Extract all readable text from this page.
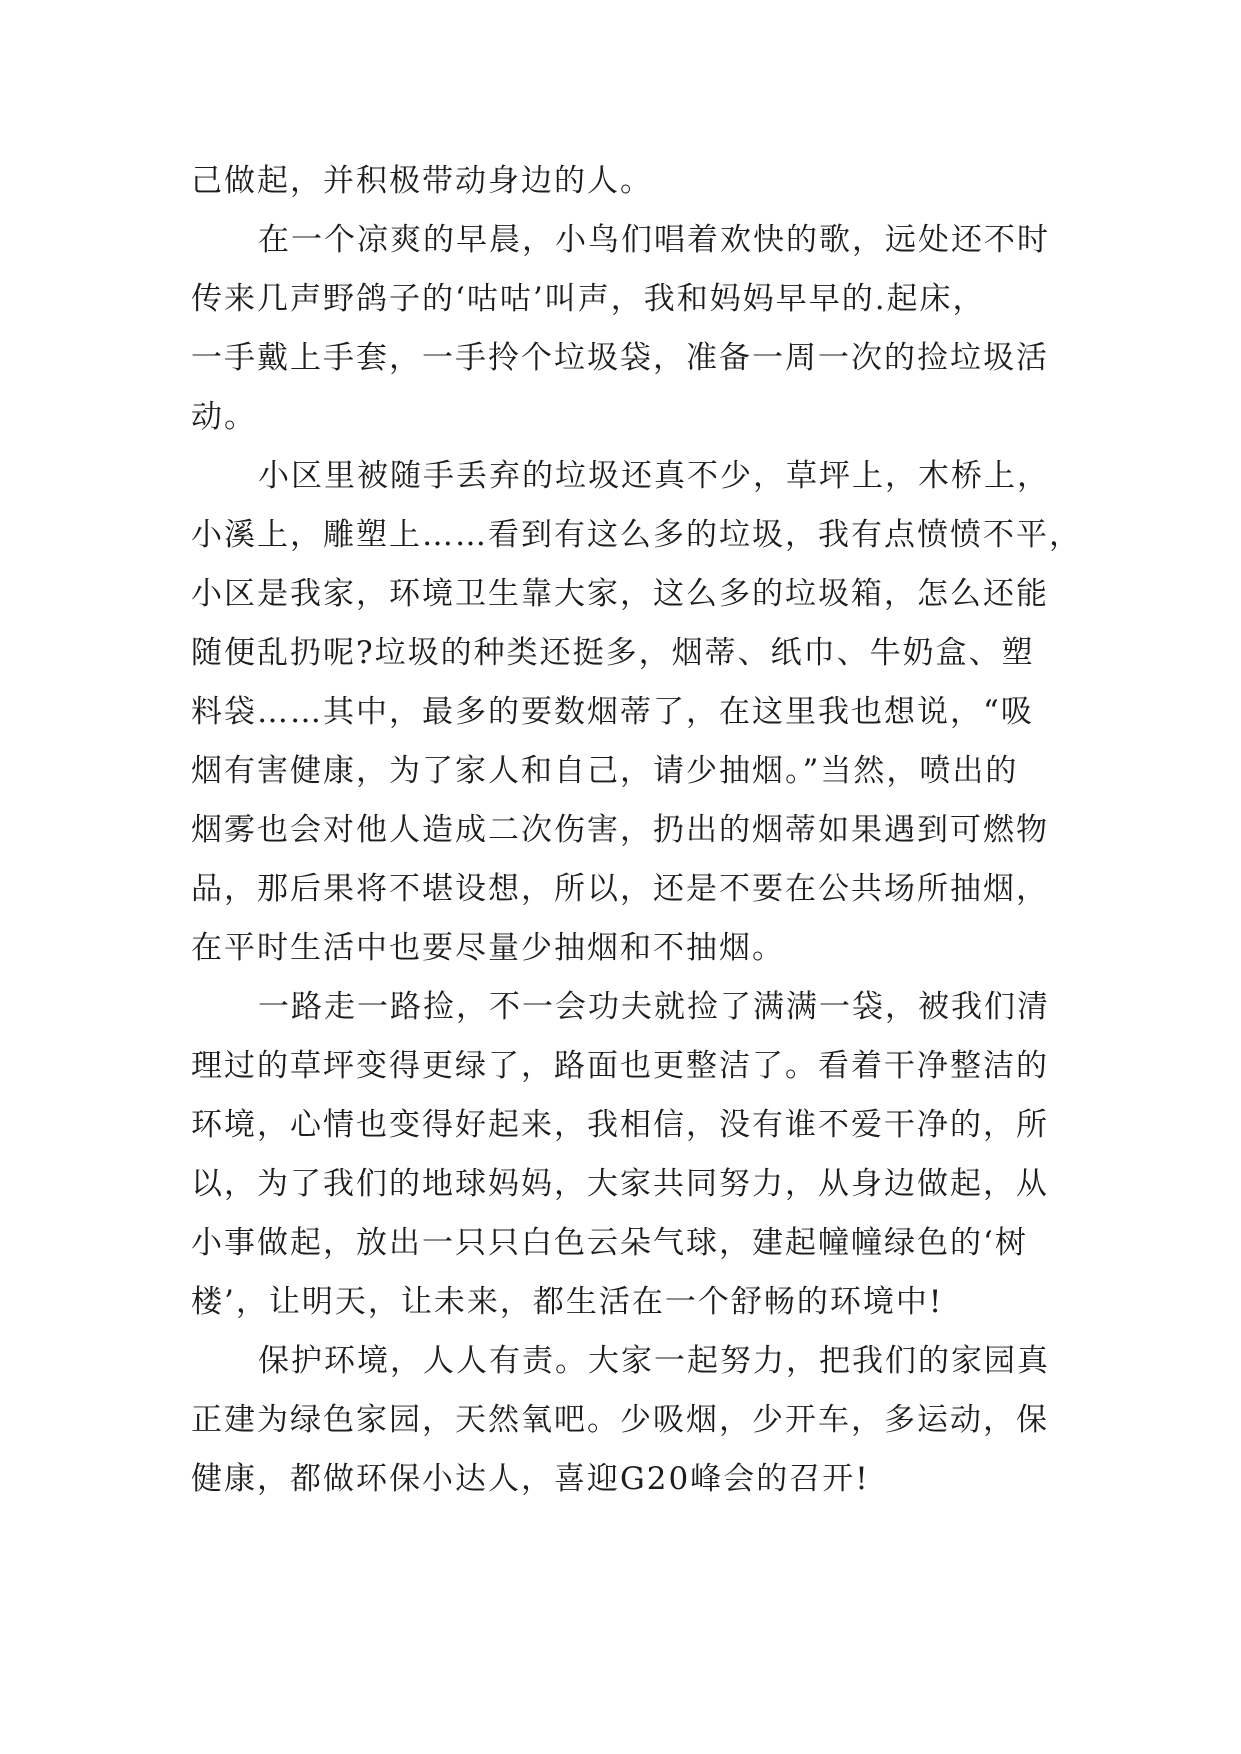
己做起，并积极带动身边的人。
在一个凉爽的早晨，小鸟们唱着欢快的歌，远处还不时
传来几声野鸽子的‘咕咕’叫声，我和妈妈早早的.起床，
一手戴上手套，一手拎个垃圾袋，准备一周一次的捡垃圾活
动。
小区里被随手丢弃的垃圾还真不少，草坪上，木桥上，
小溪上，雕塑上……看到有这么多的垃圾，我有点愤愤不平，
小区是我家，环境卫生靠大家，这么多的垃圾箱，怎么还能
随便乱扔呢?垃圾的种类还挺多，烟蒂、纸巾、牛奶盒、塑
料袋……其中，最多的要数烟蒂了，在这里我也想说，“吸
烟有害健康，为了家人和自己，请少抽烟。”当然，喷出的
烟雾也会对他人造成二次伤害，扔出的烟蒂如果遇到可燃物
品，那后果将不堪设想，所以，还是不要在公共场所抽烟，
在平时生活中也要尽量少抽烟和不抽烟。
一路走一路捡，不一会功夫就捡了满满一袋，被我们清
理过的草坪变得更绿了，路面也更整洁了。看着干净整洁的
环境，心情也变得好起来，我相信，没有谁不爱干净的，所
以，为了我们的地球妈妈，大家共同努力，从身边做起，从
小事做起，放出一只只白色云朵气球，建起幢幢绿色的‘树
楼’，让明天，让未来，都生活在一个舒畅的环境中!
保护环境，人人有责。大家一起努力，把我们的家园真
正建为绿色家园，天然氧吧。少吸烟，少开车，多运动，保
健康，都做环保小达人，喜迎G20峰会的召开!
